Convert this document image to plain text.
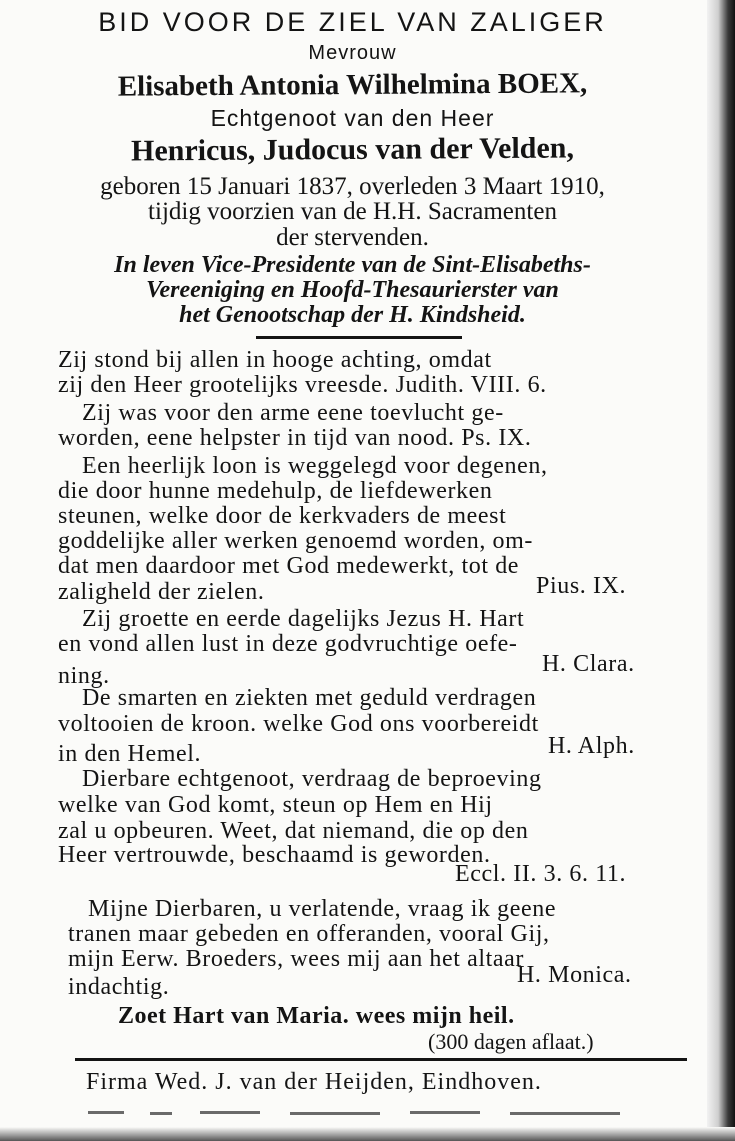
BID VOOR DE ZIEL VAN ZALIGER
Mevrouw
Elisabeth Antonia Wilhelmina BOEX,
Echtgenoot van den Heer
Henricus, Judocus van der Velden,
geboren 15 Januari 1837, overleden 3 Maart 1910,
tijdig voorzien van de H.H. Sacramenten
der stervenden.
In leven Vice-Presidente van de Sint-Elisabeths-
Vereeniging en Hoofd-Thesaurierster van
het Genootschap der H. Kindsheid.
Zij stond bij allen in hooge achting, omdat
zij den Heer grootelijks vreesde. Judith. VIII. 6.
Zij was voor den arme eene toevlucht ge-
worden, eene helpster in tijd van nood. Ps. IX.
Een heerlijk loon is weggelegd voor degenen,
die door hunne medehulp, de liefdewerken
steunen, welke door de kerkvaders de meest
goddelijke aller werken genoemd worden, om-
dat men daardoor met God medewerkt, tot de
zaligheld der zielen.	Pius. IX.
Zij groette en eerde dagelijks Jezus H. Hart
en vond allen lust in deze godvruchtige oefe-
ning.	H. Clara.
De smarten en ziekten met geduld verdragen
voltooien de kroon. welke God ons voorbereidt
in den Hemel.	H. Alph.
Dierbare echtgenoot, verdraag de beproeving
welke van God komt, steun op Hem en Hij
zal u opbeuren. Weet, dat niemand, die op den
Heer vertrouwde, beschaamd is geworden.
Eccl. II. 3. 6. 11.
Mijne Dierbaren, u verlatende, vraag ik geene
tranen maar gebeden en offeranden, vooral Gij,
mijn Eerw. Broeders, wees mij aan het altaar
indachtig.	H. Monica.
Zoet Hart van Maria. wees mijn heil.
(300 dagen aflaat.)
Firma Wed. J. van der Heijden, Eindhoven.
